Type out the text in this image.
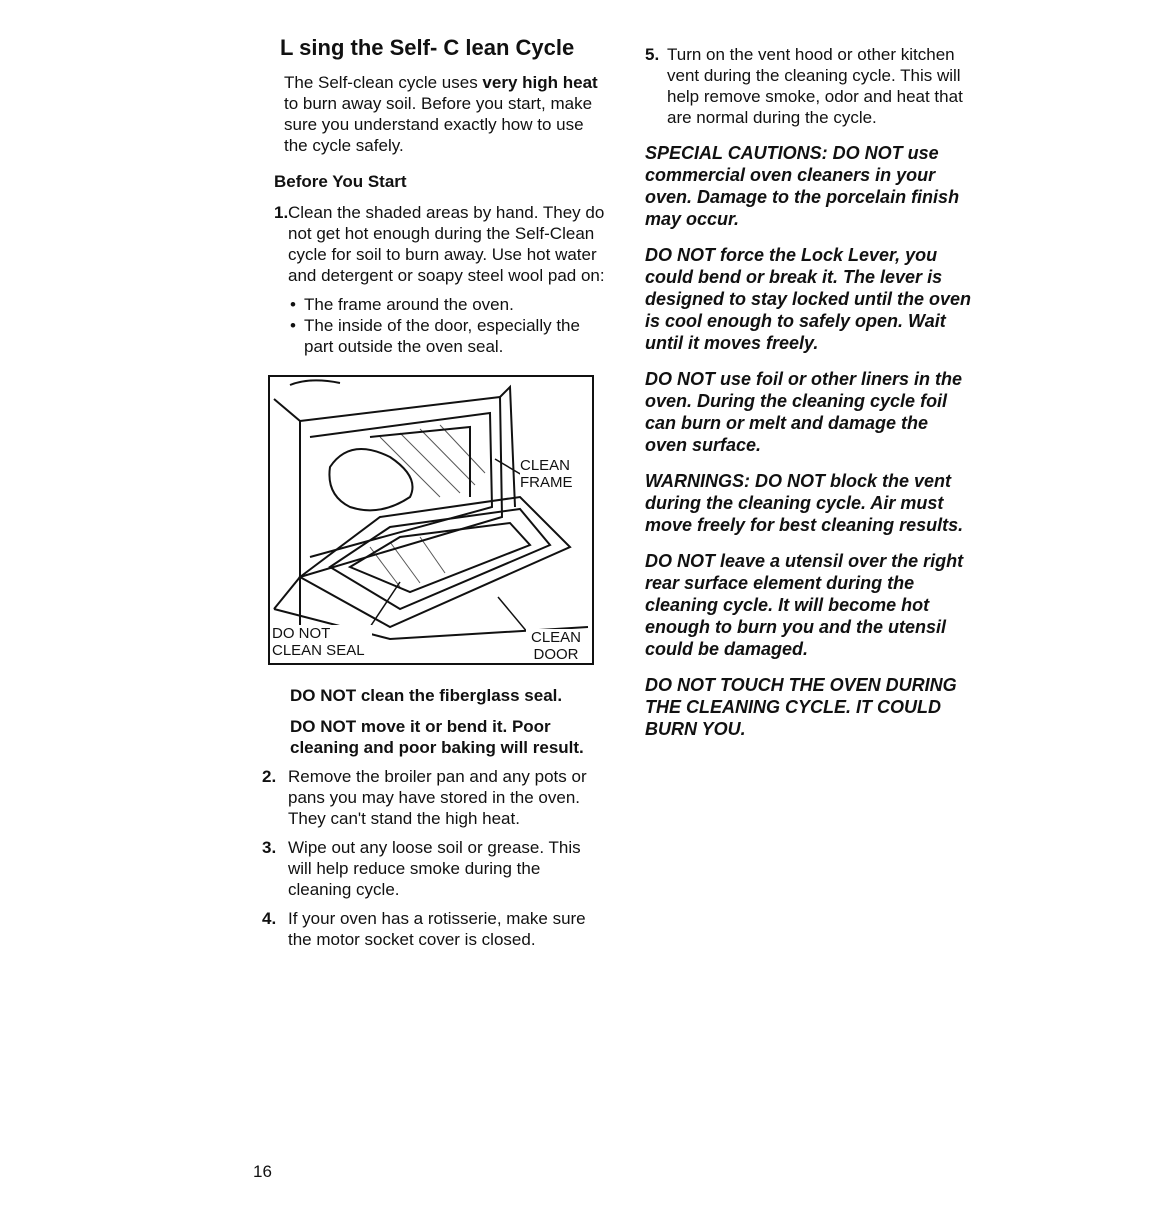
L sing the Self- C lean Cycle
The Self-clean cycle uses very high heat to burn away soil. Before you start, make sure you understand exactly how to use the cycle safely.
Before You Start
1. Clean the shaded areas by hand. They do not get hot enough during the Self-Clean cycle for soil to burn away. Use hot water and detergent or soapy steel wool pad on:
• The frame around the oven.
• The inside of the door, especially the part outside the oven seal.
CLEAN FRAME
DO NOT CLEAN SEAL
CLEAN DOOR
DO NOT clean the fiberglass seal.
DO NOT move it or bend it. Poor cleaning and poor baking will result.
2. Remove the broiler pan and any pots or pans you may have stored in the oven. They can't stand the high heat.
3. Wipe out any loose soil or grease. This will help reduce smoke during the cleaning cycle.
4. If your oven has a rotisserie, make sure the motor socket cover is closed.
5. Turn on the vent hood or other kitchen vent during the cleaning cycle. This will help remove smoke, odor and heat that are normal during the cycle.
SPECIAL CAUTIONS: DO NOT use commercial oven cleaners in your oven. Damage to the porcelain finish may occur.
DO NOT force the Lock Lever, you could bend or break it. The lever is designed to stay locked until the oven is cool enough to safely open. Wait until it moves freely.
DO NOT use foil or other liners in the oven. During the cleaning cycle foil can burn or melt and damage the oven surface.
WARNINGS: DO NOT block the vent during the cleaning cycle. Air must move freely for best cleaning results.
DO NOT leave a utensil over the right rear surface element during the cleaning cycle. It will become hot enough to burn you and the utensil could be damaged.
DO NOT TOUCH THE OVEN DURING THE CLEANING CYCLE. IT COULD BURN YOU.
16
